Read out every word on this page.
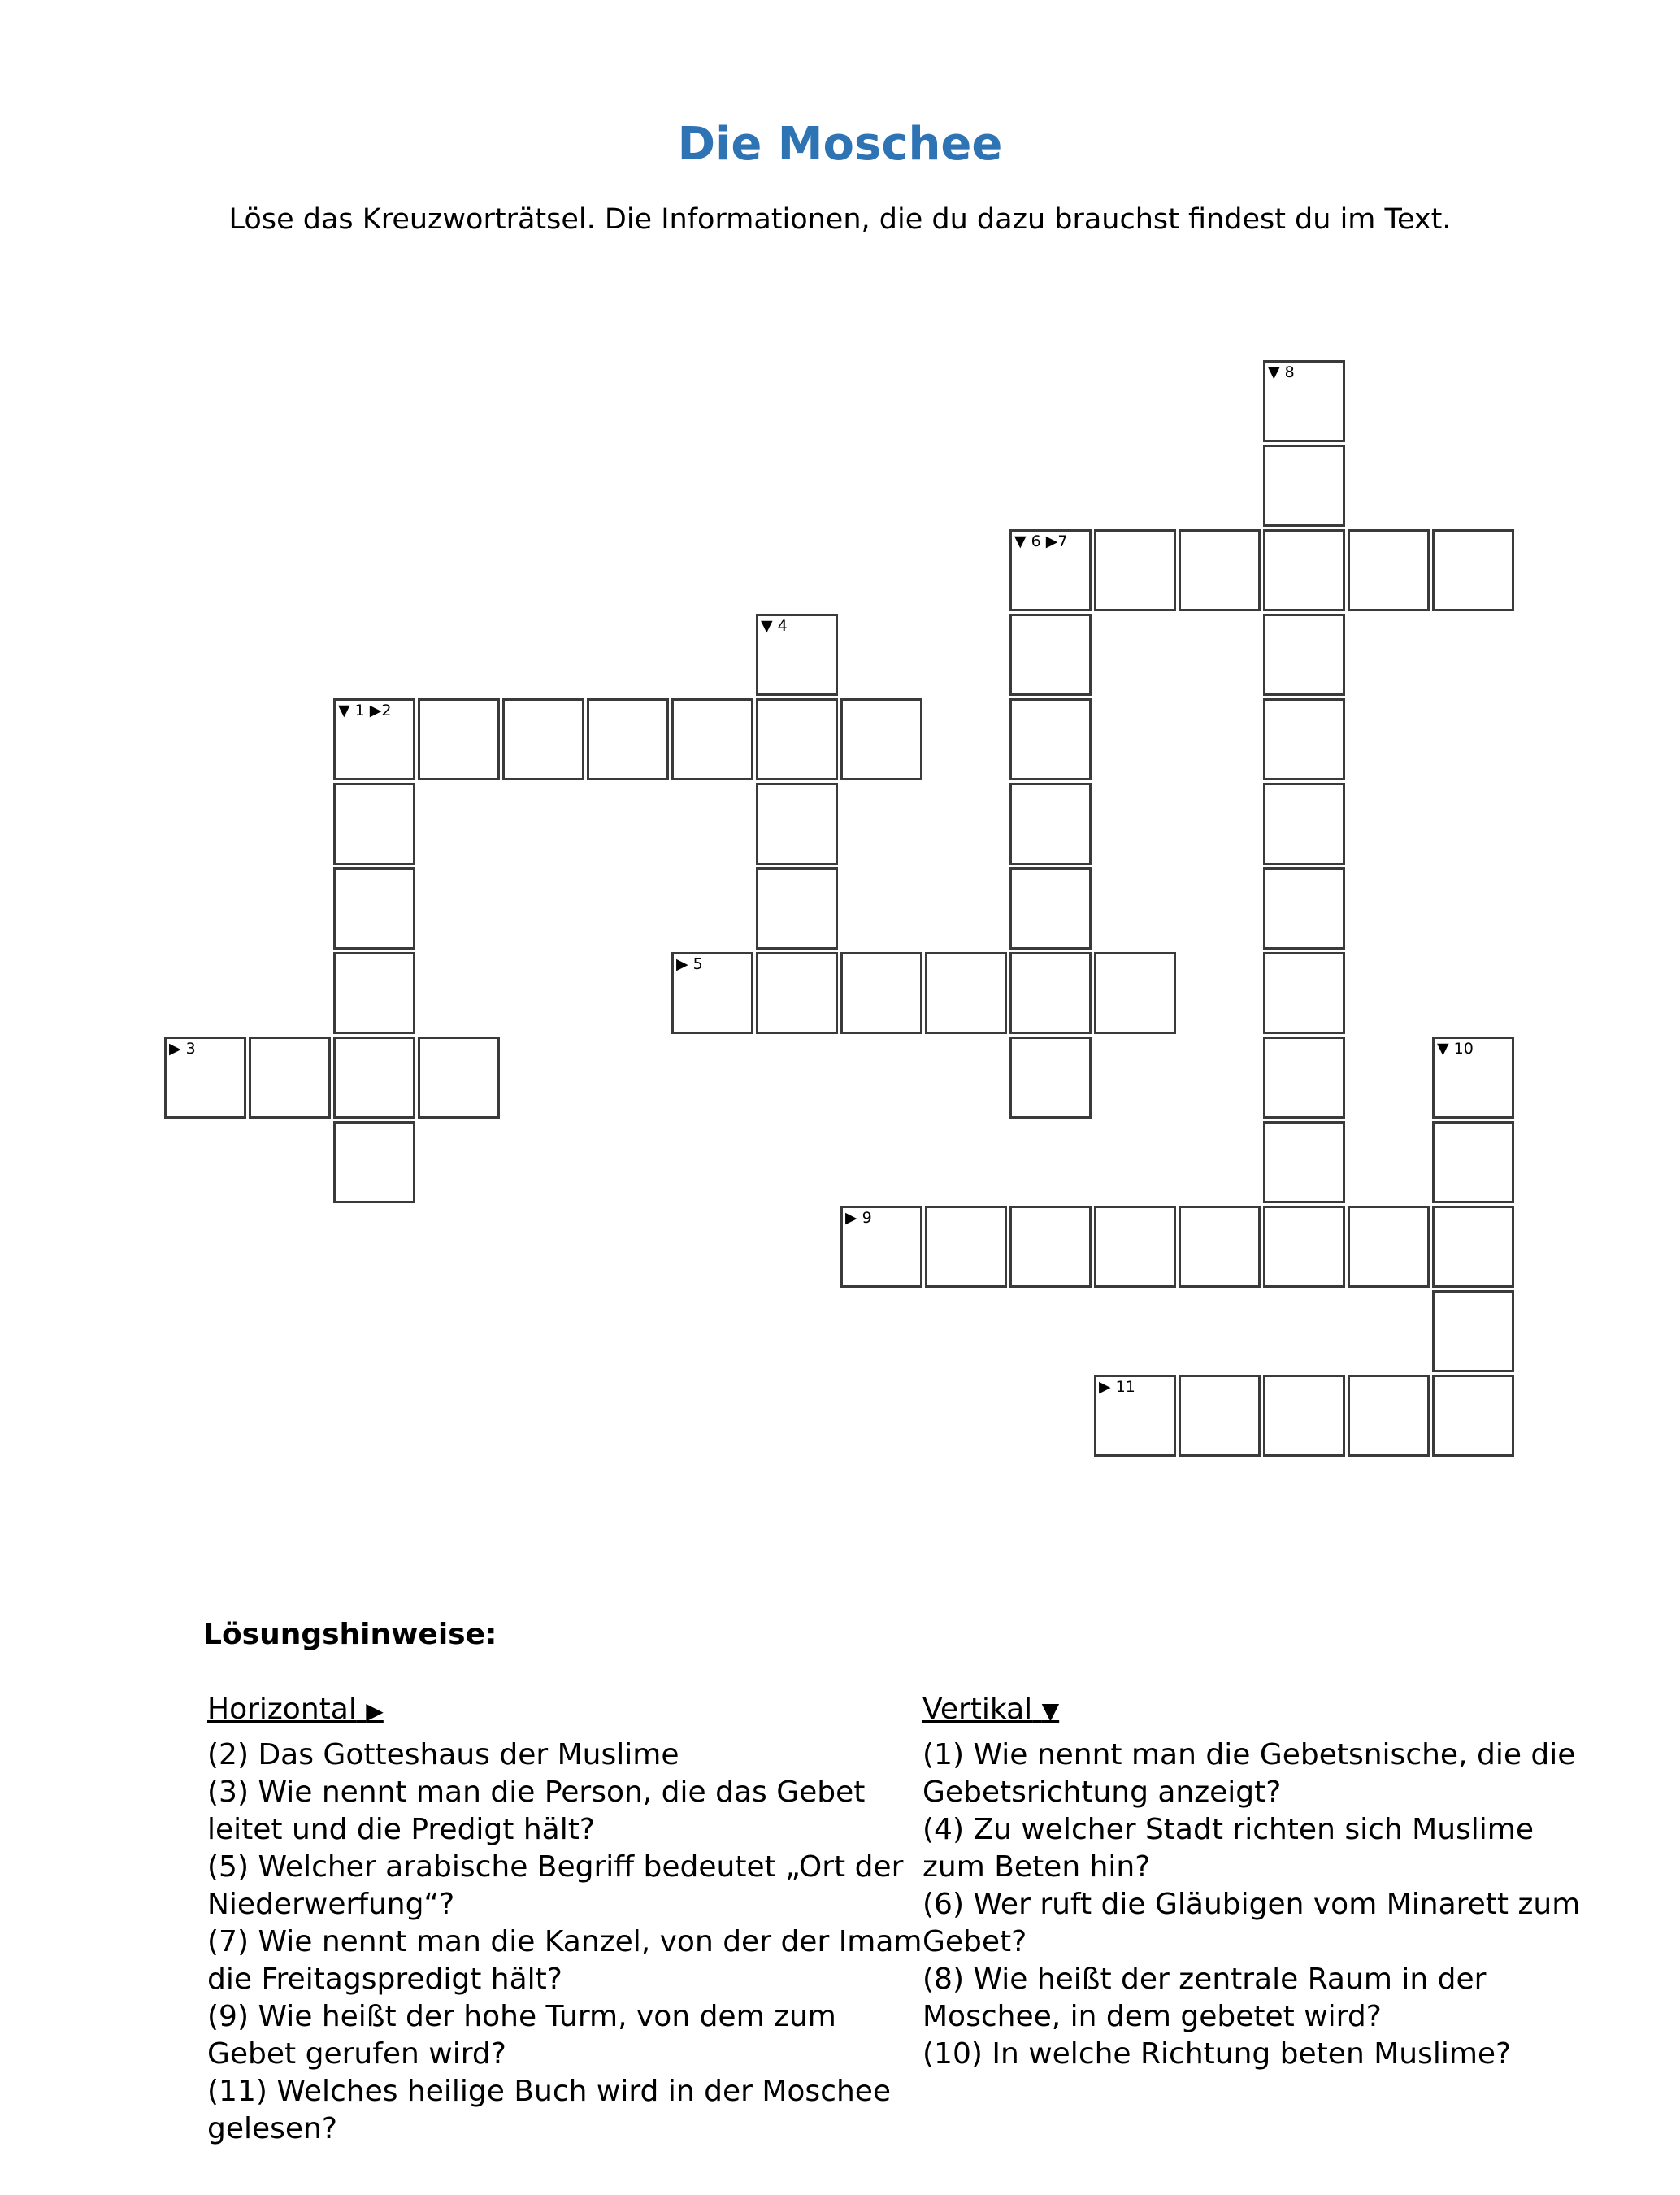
Die Moschee
Löse das Kreuzworträtsel. Die Informationen, die du dazu brauchst findest du im Text.
▼ 8
▼ 6 ▶7
▼ 4
▼ 1 ▶2
▶ 5
▶ 3	▼ 10
▶ 9
▶ 11
Lösungshinweise:
Horizontal ▶
(2) Das Gotteshaus der Muslime
(3) Wie nennt man die Person, die das Gebet leitet und die Predigt hält?
(5) Welcher arabische Begriff bedeutet „Ort der Niederwerfung“?
(7) Wie nennt man die Kanzel, von der der Imam die Freitagspredigt hält?
(9) Wie heißt der hohe Turm, von dem zum Gebet gerufen wird?
(11) Welches heilige Buch wird in der Moschee gelesen?
Vertikal ▼
(1) Wie nennt man die Gebetsnische, die die Gebetsrichtung anzeigt?
(4) Zu welcher Stadt richten sich Muslime zum Beten hin?
(6) Wer ruft die Gläubigen vom Minarett zum Gebet?
(8) Wie heißt der zentrale Raum in der Moschee, in dem gebetet wird?
(10) In welche Richtung beten Muslime?
